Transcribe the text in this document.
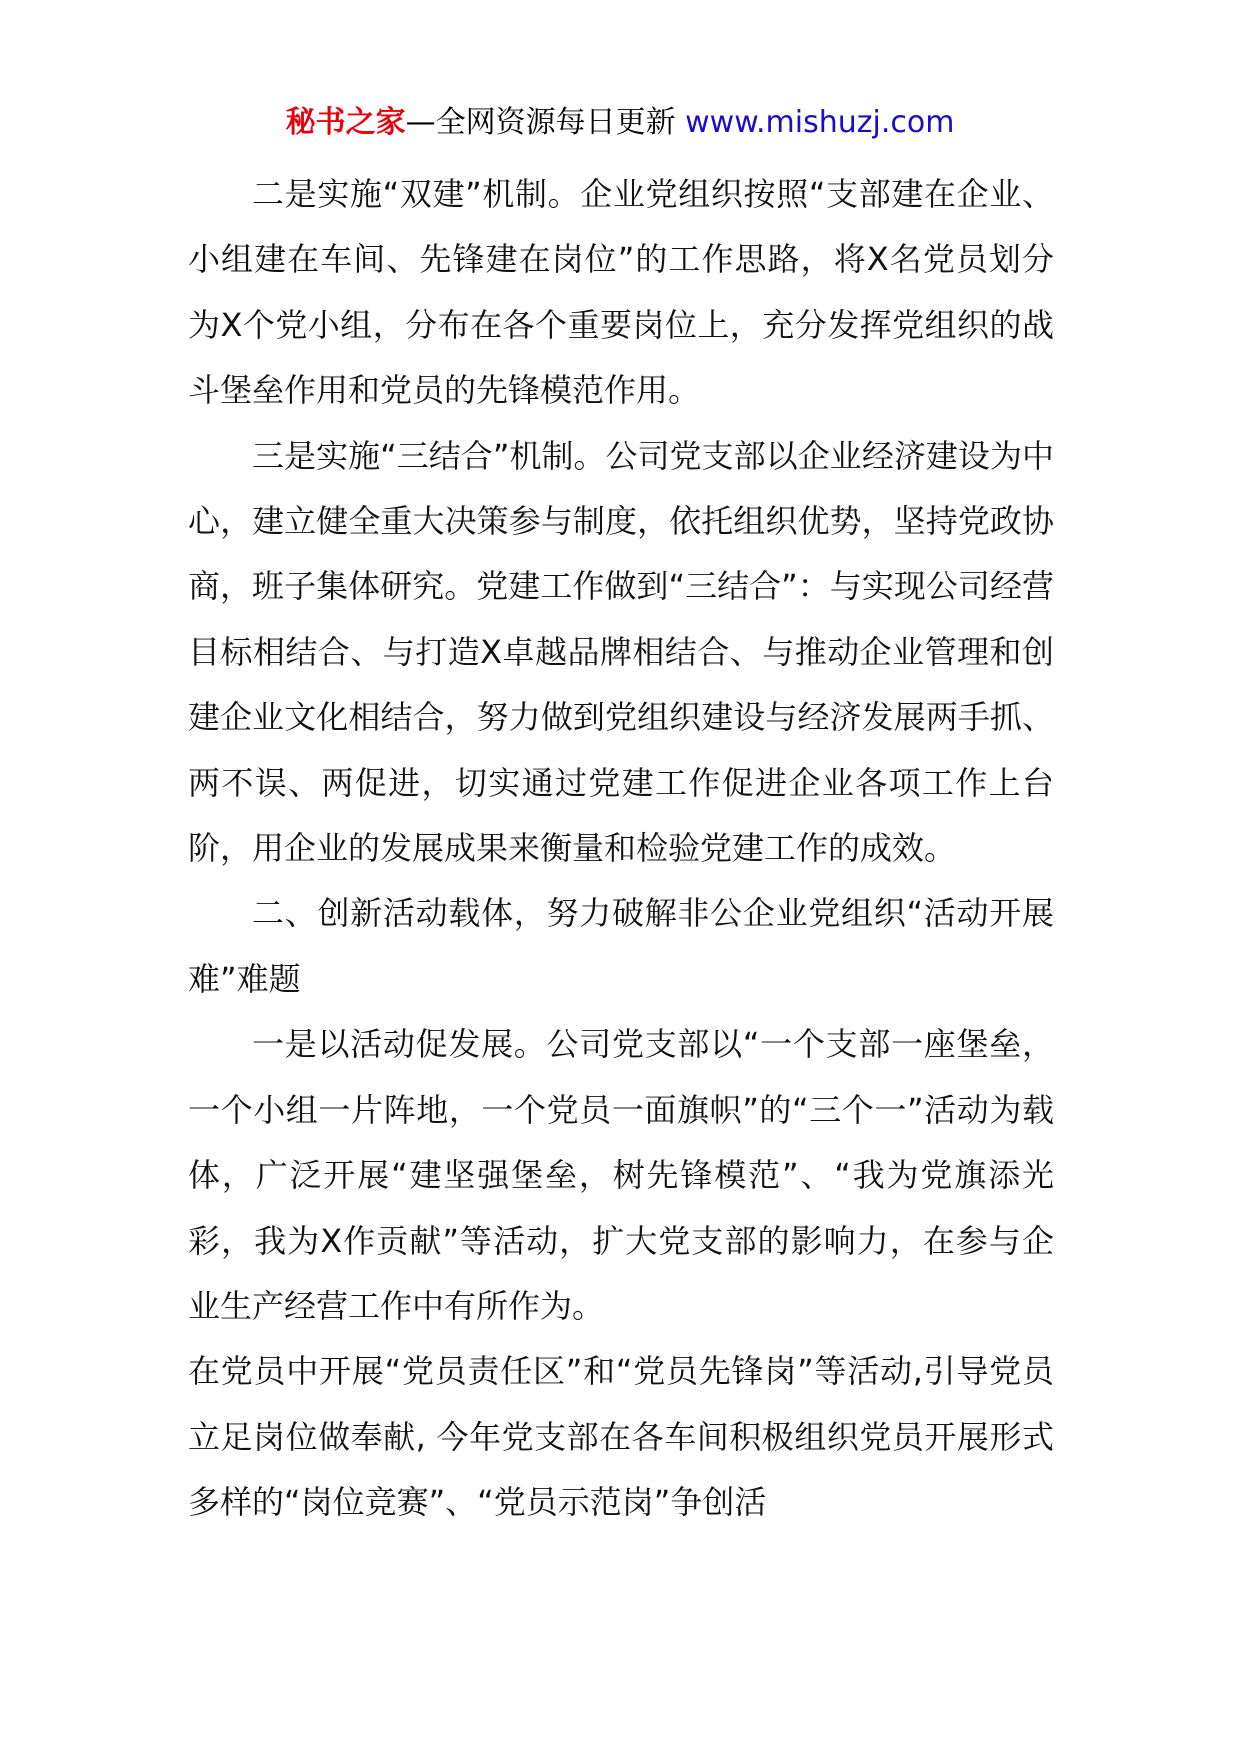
秘书之家—全网资源每日更新 www.mishuzj.com

二是实施“双建”机制。企业党组织按照“支部建在企业、小组建在车间、先锋建在岗位”的工作思路，将X名党员划分为X个党小组，分布在各个重要岗位上，充分发挥党组织的战斗堡垒作用和党员的先锋模范作用。

三是实施“三结合”机制。公司党支部以企业经济建设为中心，建立健全重大决策参与制度，依托组织优势，坚持党政协商，班子集体研究。党建工作做到“三结合”：与实现公司经营目标相结合、与打造X卓越品牌相结合、与推动企业管理和创建企业文化相结合，努力做到党组织建设与经济发展两手抓、两不误、两促进，切实通过党建工作促进企业各项工作上台阶，用企业的发展成果来衡量和检验党建工作的成效。

二、创新活动载体，努力破解非公企业党组织“活动开展难”难题

一是以活动促发展。公司党支部以“一个支部一座堡垒，一个小组一片阵地，一个党员一面旗帜”的“三个一”活动为载体，广泛开展“建坚强堡垒，树先锋模范”、“我为党旗添光彩，我为X作贡献”等活动，扩大党支部的影响力，在参与企业生产经营工作中有所作为。

在党员中开展“党员责任区”和“党员先锋岗”等活动,引导党员立足岗位做奉献, 今年党支部在各车间积极组织党员开展形式多样的“岗位竞赛”、“党员示范岗”争创活
